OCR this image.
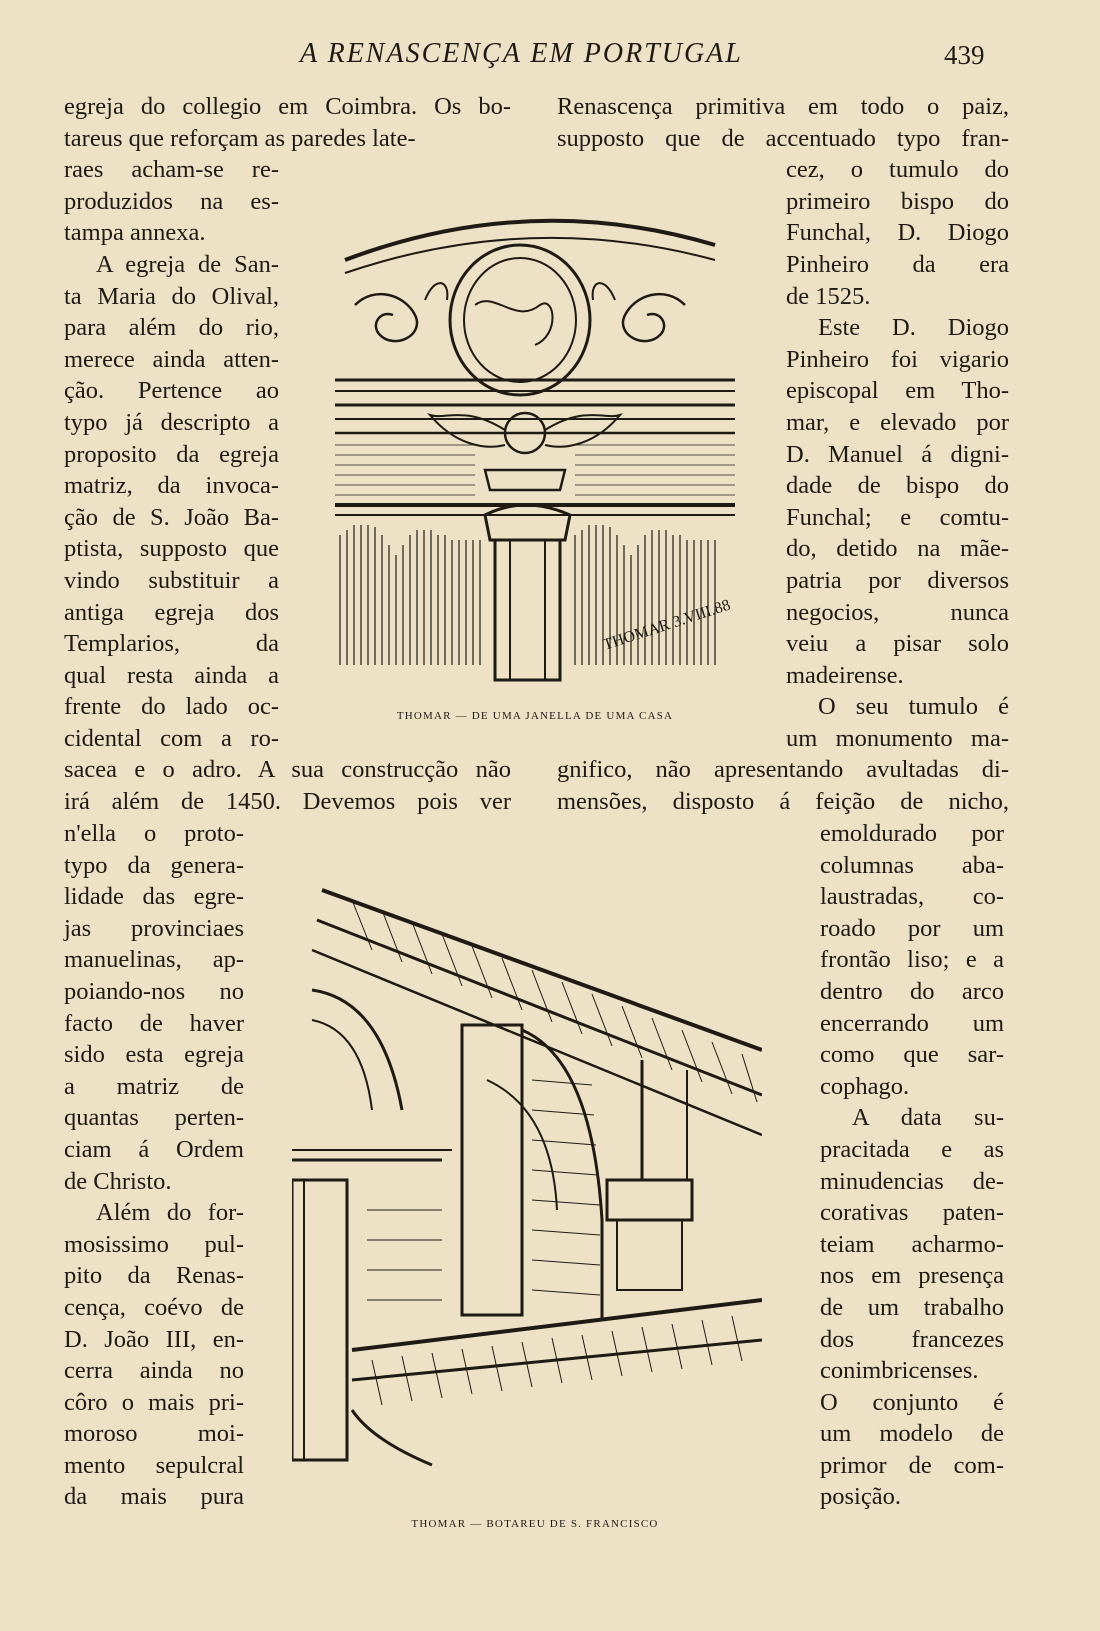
A RENASCENÇA EM PORTUGAL	439
egreja do collegio em Coimbra. Os bo-
tareus que reforçam as paredes late-
raes acham-se re-
produzidos na es-
tampa annexa.
A egreja de San-
ta Maria do Olival,
para além do rio,
merece ainda atten-
ção. Pertence ao
typo já descripto a
proposito da egreja
matriz, da invoca-
ção de S. João Ba-
ptista, supposto que
vindo substituir a
antiga egreja dos
Templarios, da
qual resta ainda a
frente do lado oc-
cidental com a ro-
Renascença primitiva em todo o paiz,
supposto que de accentuado typo fran-
cez, o tumulo do
primeiro bispo do
Funchal, D. Diogo
Pinheiro da era
de 1525.
Este D. Diogo
Pinheiro foi vigario
episcopal em Tho-
mar, e elevado por
D. Manuel á digni-
dade de bispo do
Funchal; e comtu-
do, detido na mãe-
patria por diversos
negocios, nunca
veiu a pisar solo
madeirense.
O seu tumulo é
um monumento ma-
sacea e o adro. A sua construcção não
irá além de 1450. Devemos pois ver
gnifico, não apresentando avultadas di-
mensões, disposto á feição de nicho,
n'ella o proto-
typo da genera-
lidade das egre-
jas provinciaes
manuelinas, ap-
poiando-nos no
facto de haver
sido esta egreja
a matriz de
quantas perten-
ciam á Ordem
de Christo.
Além do for-
mosissimo pul-
pito da Renas-
cença, coévo de
D. João III, en-
cerra ainda no
côro o mais pri-
moroso moi-
mento sepulcral
da mais pura
emoldurado por
columnas aba-
laustradas, co-
roado por um
frontão liso; e a
dentro do arco
encerrando um
como que sar-
cophago.
A data su-
pracitada e as
minudencias de-
corativas paten-
teiam acharmo-
nos em presença
de um trabalho
dos francezes
conimbricenses.
O conjunto é
um modelo de
primor de com-
posição.
THOMAR 3.VIII.88
THOMAR — DE UMA JANELLA DE UMA CASA
THOMAR — BOTAREU DE S. FRANCISCO
